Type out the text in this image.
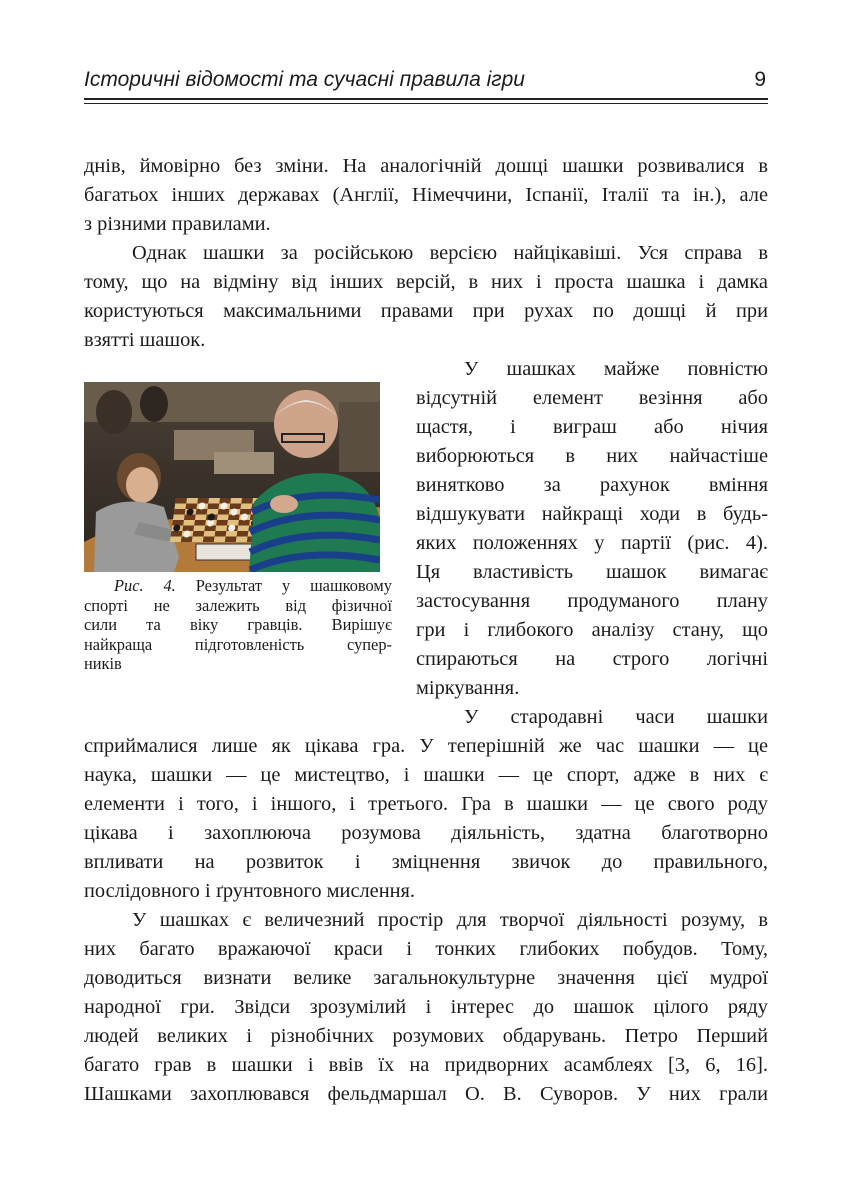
Історичні відомості та сучасні правила ігри	9
днів, ймовірно без зміни. На аналогічній дошці шашки розвивалися в
багатьох інших державах (Англії, Німеччини, Іспанії, Італії та ін.), але
з різними правилами.
Однак шашки за російською версією найцікавіші. Уся справа в
тому, що на відміну від інших версій, в них і проста шашка і дамка
користуються максимальними правами при рухах по дошці й при
взятті шашок.
Рис. 4. Результат у шашковому
спорті не залежить від фізичної
сили та віку гравців. Вирішує
найкраща підготовленість супер-
ників
У шашках майже повністю
відсутній елемент везіння або
щастя, і виграш або нічия
виборюються в них найчастіше
винятково за рахунок вміння
відшукувати найкращі ходи в будь-
яких положеннях у партії (рис. 4).
Ця властивість шашок вимагає
застосування продуманого плану
гри і глибокого аналізу стану, що
спираються на строго логічні
міркування.
У стародавні часи шашки
сприймалися лише як цікава гра. У теперішній же час шашки — це
наука, шашки — це мистецтво, і шашки — це спорт, адже в них є
елементи і того, і іншого, і третього. Гра в шашки — це свого роду
цікава і захоплююча розумова діяльність, здатна благотворно
впливати на розвиток і зміцнення звичок до правильного,
послідовного і ґрунтовного мислення.
У шашках є величезний простір для творчої діяльності розуму, в
них багато вражаючої краси і тонких глибоких побудов. Тому,
доводиться визнати велике загальнокультурне значення цієї мудрої
народної гри. Звідси зрозумілий і інтерес до шашок цілого ряду
людей великих і різнобічних розумових обдарувань. Петро Перший
багато грав в шашки і ввів їх на придворних асамблеях [3, 6, 16].
Шашками захоплювався фельдмаршал О. В. Суворов. У них грали
